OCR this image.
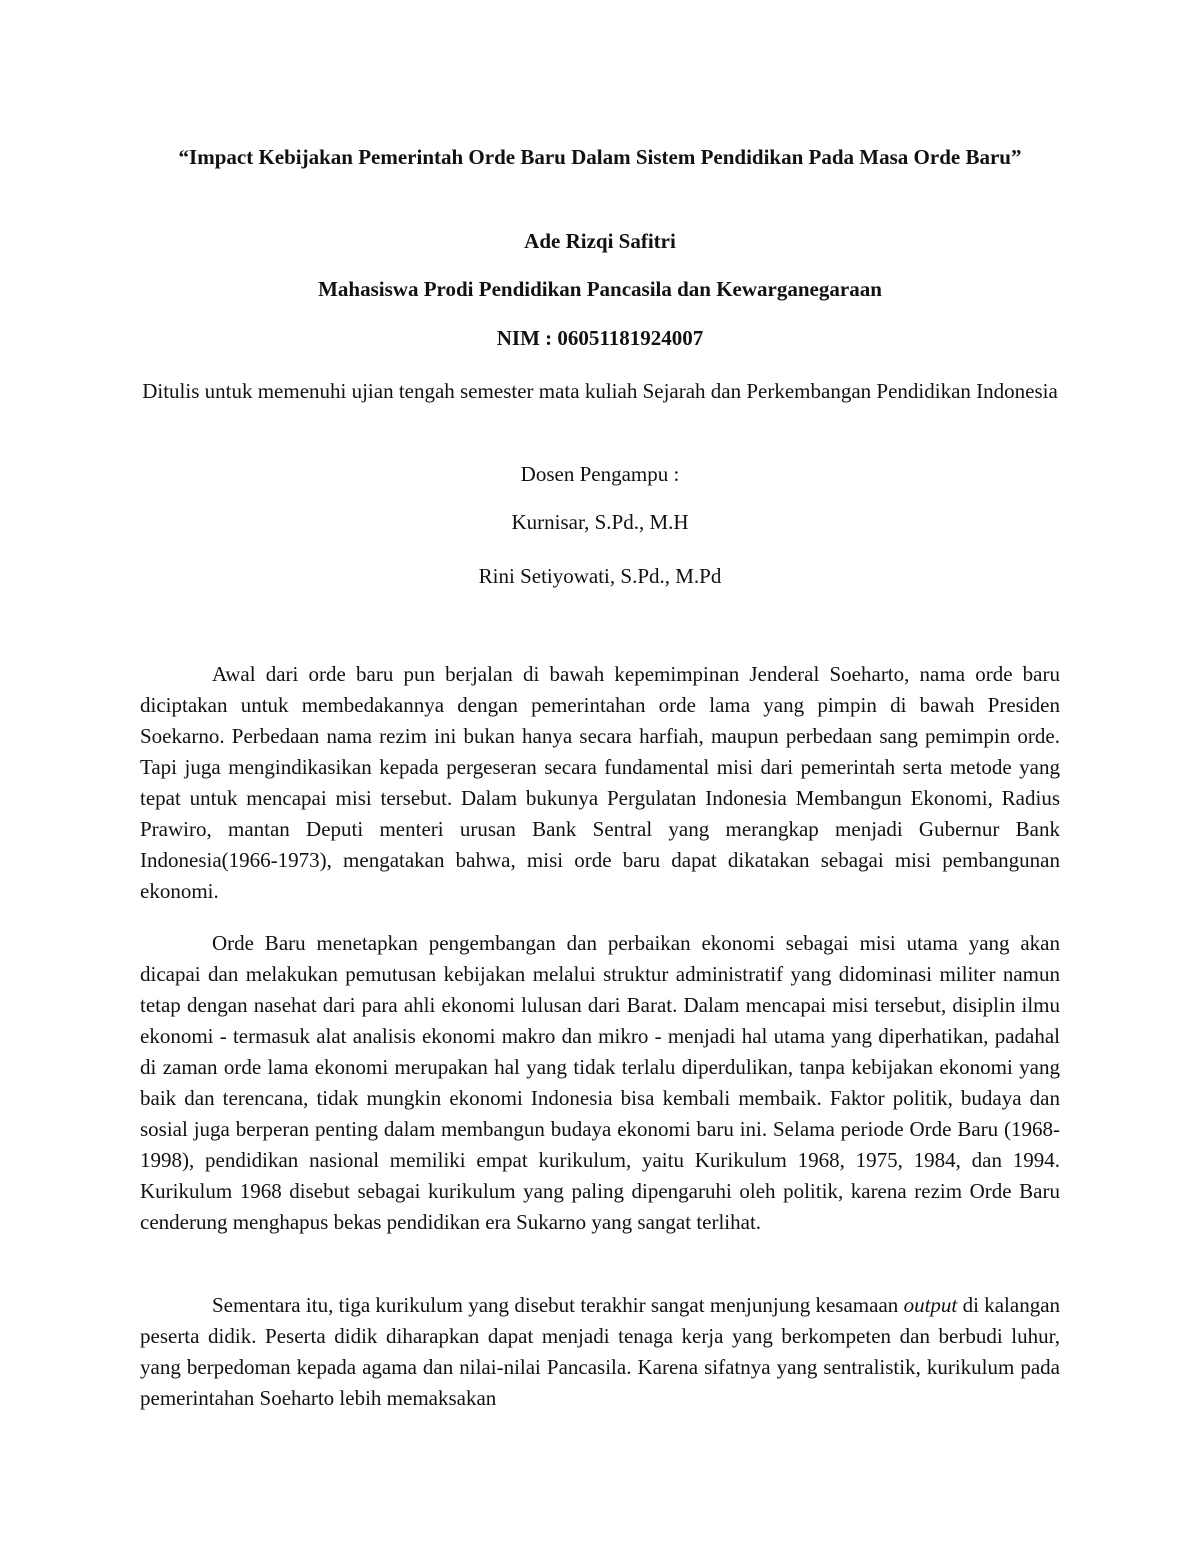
“Impact Kebijakan Pemerintah Orde Baru Dalam Sistem Pendidikan Pada Masa Orde Baru”

Ade Rizqi Safitri

Mahasiswa Prodi Pendidikan Pancasila dan Kewarganegaraan

NIM : 06051181924007

Ditulis untuk memenuhi ujian tengah semester mata kuliah Sejarah dan Perkembangan Pendidikan Indonesia

Dosen Pengampu :

Kurnisar, S.Pd., M.H

Rini Setiyowati, S.Pd., M.Pd

Awal dari orde baru pun berjalan di bawah kepemimpinan Jenderal Soeharto, nama orde baru diciptakan untuk membedakannya dengan pemerintahan orde lama yang pimpin di bawah Presiden Soekarno. Perbedaan nama rezim ini bukan hanya secara harfiah, maupun perbedaan sang pemimpin orde. Tapi juga mengindikasikan kepada pergeseran secara fundamental misi dari pemerintah serta metode yang tepat untuk mencapai misi tersebut. Dalam bukunya Pergulatan Indonesia Membangun Ekonomi, Radius Prawiro, mantan Deputi menteri urusan Bank Sentral yang merangkap menjadi Gubernur Bank Indonesia(1966-1973), mengatakan bahwa, misi orde baru dapat dikatakan sebagai misi pembangunan ekonomi.

Orde Baru menetapkan pengembangan dan perbaikan ekonomi sebagai misi utama yang akan dicapai dan melakukan pemutusan kebijakan melalui struktur administratif yang didominasi militer namun tetap dengan nasehat dari para ahli ekonomi lulusan dari Barat. Dalam mencapai misi tersebut, disiplin ilmu ekonomi - termasuk alat analisis ekonomi makro dan mikro - menjadi hal utama yang diperhatikan, padahal di zaman orde lama ekonomi merupakan hal yang tidak terlalu diperdulikan, tanpa kebijakan ekonomi yang baik dan terencana, tidak mungkin ekonomi Indonesia bisa kembali membaik. Faktor politik, budaya dan sosial juga berperan penting dalam membangun budaya ekonomi baru ini. Selama periode Orde Baru (1968-1998), pendidikan nasional memiliki empat kurikulum, yaitu Kurikulum 1968, 1975, 1984, dan 1994. Kurikulum 1968 disebut sebagai kurikulum yang paling dipengaruhi oleh politik, karena rezim Orde Baru cenderung menghapus bekas pendidikan era Sukarno yang sangat terlihat.

Sementara itu, tiga kurikulum yang disebut terakhir sangat menjunjung kesamaan output di kalangan peserta didik. Peserta didik diharapkan dapat menjadi tenaga kerja yang berkompeten dan berbudi luhur, yang berpedoman kepada agama dan nilai-nilai Pancasila. Karena sifatnya yang sentralistik, kurikulum pada pemerintahan Soeharto lebih memaksakan
